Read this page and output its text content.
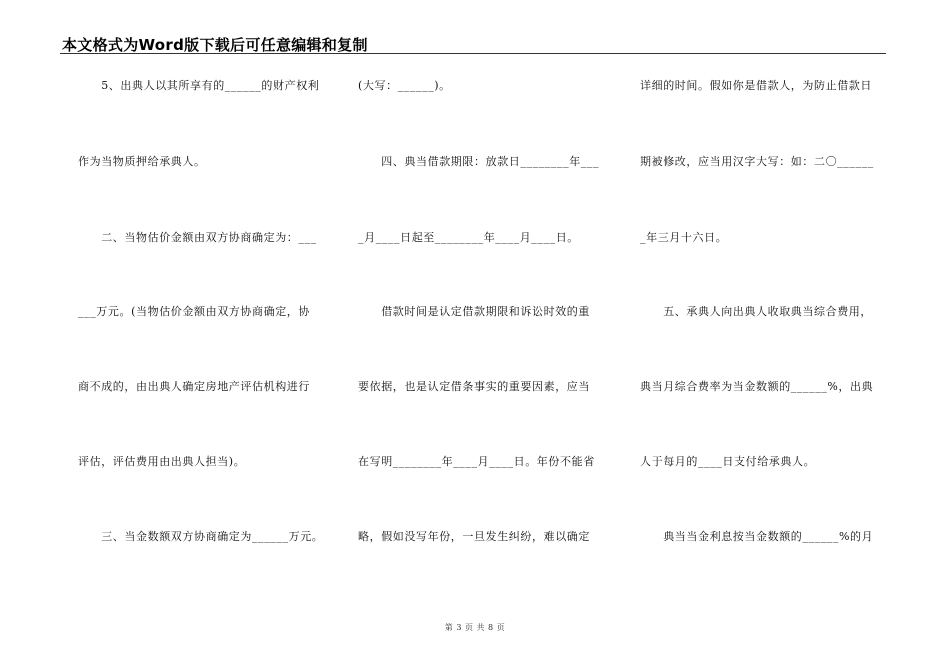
本文格式为Word版下载后可任意编辑和复制
　　5、出典人以其所享有的______的财产权利
作为当物质押给承典人。
　　二、当物估价金额由双方协商确定为：___
___万元。(当物估价金额由双方协商确定，协
商不成的，由出典人确定房地产评估机构进行
评估，评估费用由出典人担当)。
　　三、当金数额双方协商确定为______万元。
(大写：______)。
　　四、典当借款期限：放款日________年___
_月____日起至________年____月____日。
　　借款时间是认定借款期限和诉讼时效的重
要依据，也是认定借条事实的重要因素，应当
在写明________年____月____日。年份不能省
略，假如没写年份，一旦发生纠纷，难以确定
详细的时间。假如你是借款人，为防止借款日
期被修改，应当用汉字大写：如：二〇______
_年三月十六日。
　　五、承典人向出典人收取典当综合费用，
典当月综合费率为当金数额的______%，出典
人于每月的____日支付给承典人。
　　典当当金利息按当金数额的______%的月
第 3 页 共 8 页
